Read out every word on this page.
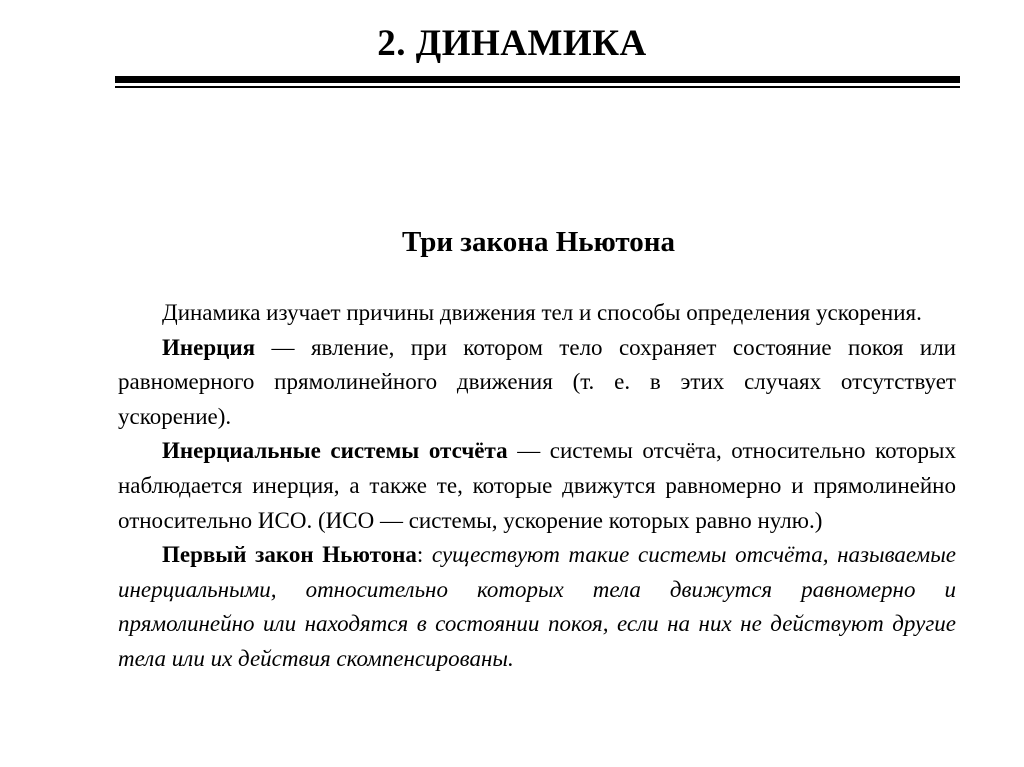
2. ДИНАМИКА
Три закона Ньютона

Динамика изучает причины движения тел и способы определения ускорения.

Инерция — явление, при котором тело сохраняет состояние покоя или равномерного прямолинейного движения (т. е. в этих случаях отсутствует ускорение).

Инерциальные системы отсчёта — системы отсчёта, относительно которых наблюдается инерция, а также те, которые движутся равномерно и прямолинейно относительно ИСО. (ИСО — системы, ускорение которых равно нулю.)

Первый закон Ньютона: существуют такие системы отсчёта, называемые инерциальными, относительно которых тела движутся равномерно и прямолинейно или находятся в состоянии покоя, если на них не действуют другие тела или их действия скомпенсированы.
